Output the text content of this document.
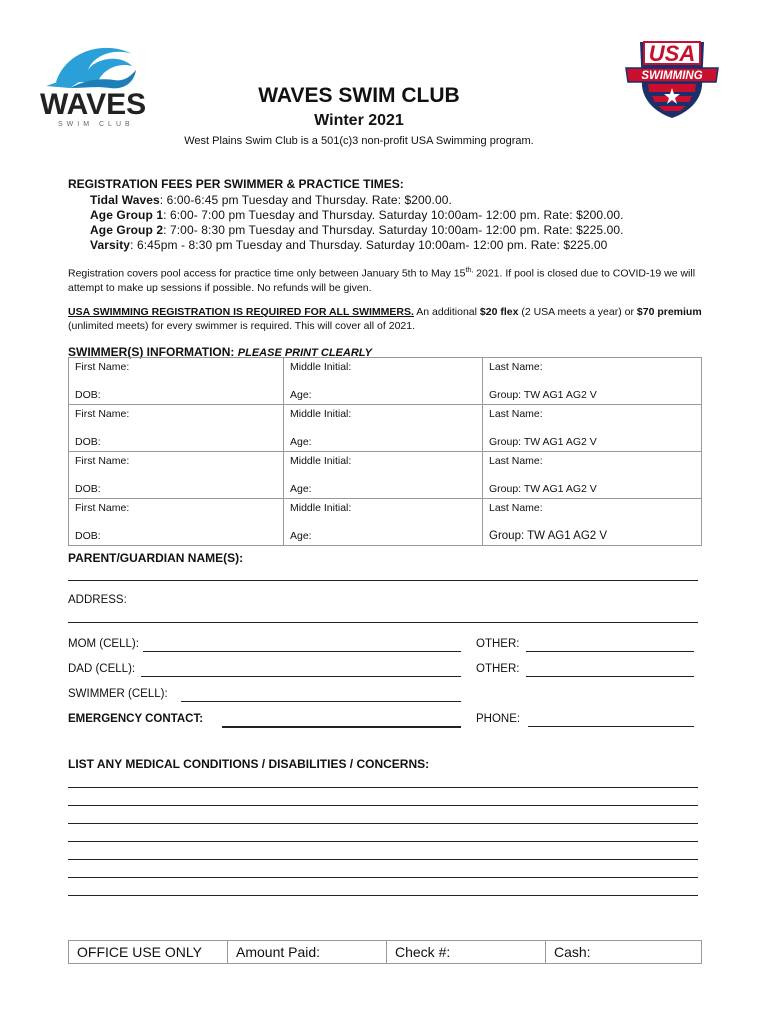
WAVES
SWIM CLUB
USA
SWIMMING
WAVES SWIM CLUB
Winter 2021
West Plains Swim Club is a 501(c)3 non-profit USA Swimming program.
REGISTRATION FEES PER SWIMMER & PRACTICE TIMES:
Tidal Waves: 6:00-6:45 pm Tuesday and Thursday. Rate: $200.00.
Age Group 1: 6:00- 7:00 pm Tuesday and Thursday. Saturday 10:00am- 12:00 pm. Rate: $200.00.
Age Group 2: 7:00- 8:30 pm Tuesday and Thursday. Saturday 10:00am- 12:00 pm. Rate: $225.00.
Varsity: 6:45pm - 8:30 pm Tuesday and Thursday. Saturday 10:00am- 12:00 pm. Rate: $225.00
Registration covers pool access for practice time only between January 5th to May $15^{th,}$ 2021. If pool is closed due to COVID-19 we will attempt to make up sessions if possible. No refunds will be given.
USA SWIMMING REGISTRATION IS REQUIRED FOR ALL SWIMMERS. An additional $20 flex (2 USA meets a year) or $70 premium (unlimited meets) for every swimmer is required. This will cover all of 2021.
SWIMMER(S) INFORMATION: PLEASE PRINT CLEARLY
First Name:	Middle Initial:	Last Name:
DOB:	Age:	Group: TW AG1 AG2 V
First Name:	Middle Initial:	Last Name:
DOB:	Age:	Group: TW AG1 AG2 V
First Name:	Middle Initial:	Last Name:
DOB:	Age:	Group: TW AG1 AG2 V
First Name:	Middle Initial:	Last Name:
DOB:	Age:	Group: TW AG1 AG2 V
PARENT/GUARDIAN NAME(S):
ADDRESS:
MOM (CELL):	OTHER:
DAD (CELL):	OTHER:
SWIMMER (CELL):
EMERGENCY CONTACT:	PHONE:
LIST ANY MEDICAL CONDITIONS / DISABILITIES / CONCERNS:
OFFICE USE ONLY	Amount Paid:	Check #:	Cash:
